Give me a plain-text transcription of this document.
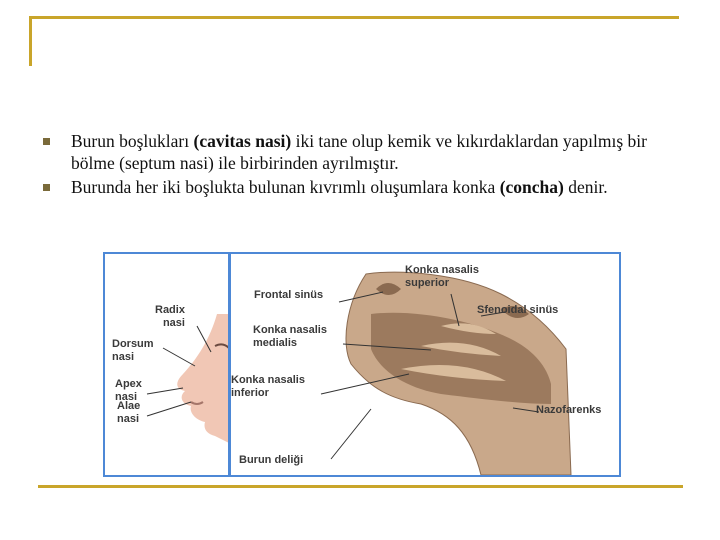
Burun boşlukları (cavitas nasi) iki tane olup kemik ve kıkırdaklardan yapılmış bir bölme (septum nasi) ile birbirinden ayrılmıştır.
Burunda her iki boşlukta bulunan kıvrımlı oluşumlara konka (concha) denir.
Radix
nasi
Dorsum
nasi
Apex
nasi
Alae
nasi
Konka nasalis
superior
Frontal sinüs
Sfenoidal sinüs
Konka nasalis
medialis
Konka nasalis
inferior
Nazofarenks
Burun deliği
